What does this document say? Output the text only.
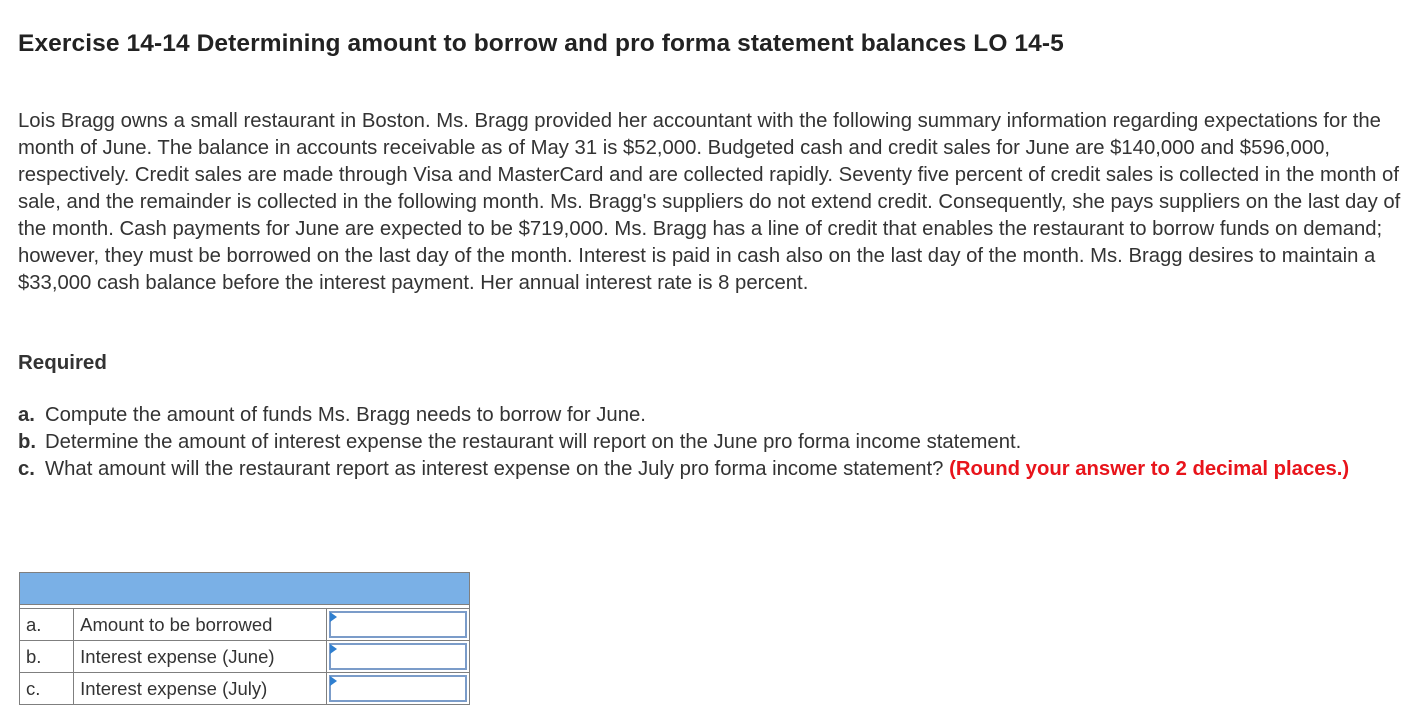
Exercise 14-14 Determining amount to borrow and pro forma statement balances LO 14-5
Lois Bragg owns a small restaurant in Boston. Ms. Bragg provided her accountant with the following summary information regarding expectations for the month of June. The balance in accounts receivable as of May 31 is $52,000. Budgeted cash and credit sales for June are $140,000 and $596,000, respectively. Credit sales are made through Visa and MasterCard and are collected rapidly. Seventy five percent of credit sales is collected in the month of sale, and the remainder is collected in the following month. Ms. Bragg's suppliers do not extend credit. Consequently, she pays suppliers on the last day of the month. Cash payments for June are expected to be $719,000. Ms. Bragg has a line of credit that enables the restaurant to borrow funds on demand; however, they must be borrowed on the last day of the month. Interest is paid in cash also on the last day of the month. Ms. Bragg desires to maintain a $33,000 cash balance before the interest payment. Her annual interest rate is 8 percent.
Required
a. Compute the amount of funds Ms. Bragg needs to borrow for June.
b. Determine the amount of interest expense the restaurant will report on the June pro forma income statement.
c. What amount will the restaurant report as interest expense on the July pro forma income statement? (Round your answer to 2 decimal places.)

a.	Amount to be borrowed	

b.	Interest expense (June)	

c.	Interest expense (July)	
